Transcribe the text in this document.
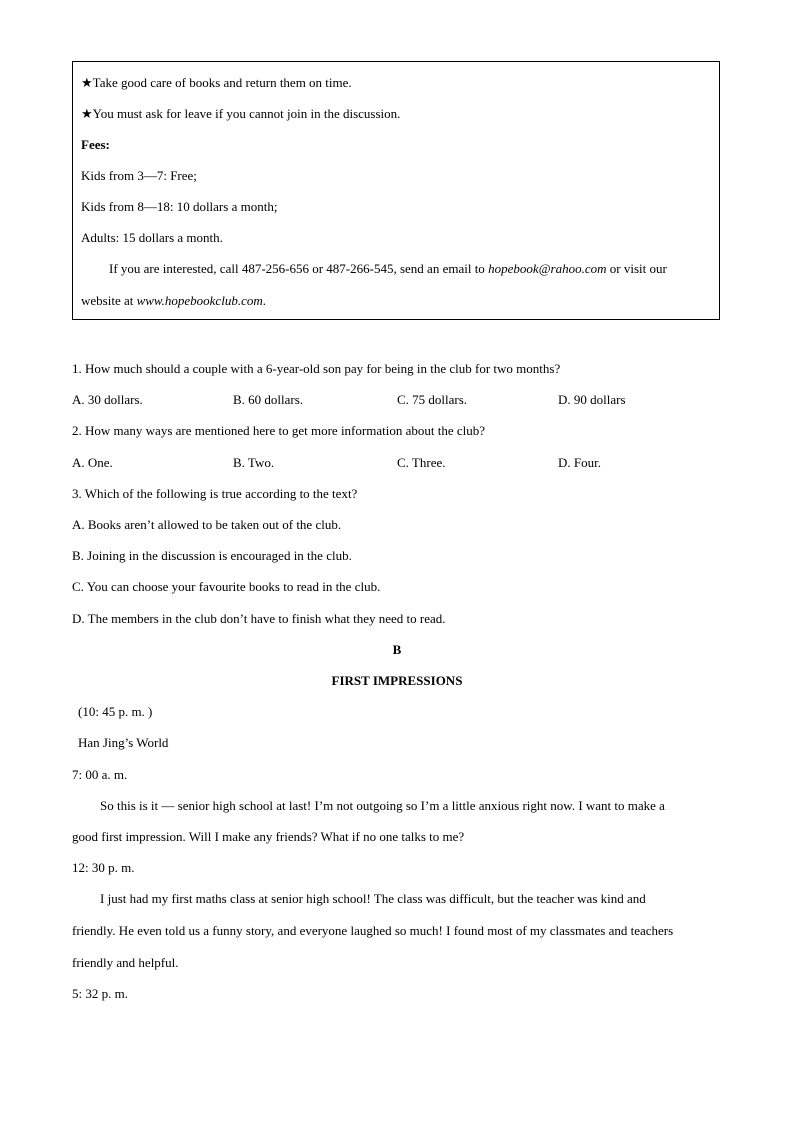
★Take good care of books and return them on time.
★You must ask for leave if you cannot join in the discussion.
Fees:
Kids from 3—7: Free;
Kids from 8—18: 10 dollars a month;
Adults: 15 dollars a month.
If you are interested, call 487-256-656 or 487-266-545, send an email to hopebook@rahoo.com or visit our
website at www.hopebookclub.com.
1. How much should a couple with a 6-year-old son pay for being in the club for two months?
A. 30 dollars.	B. 60 dollars.	C. 75 dollars.	D. 90 dollars
2. How many ways are mentioned here to get more information about the club?
A. One.	B. Two.	C. Three.	D. Four.
3. Which of the following is true according to the text?
A. Books aren’t allowed to be taken out of the club.
B. Joining in the discussion is encouraged in the club.
C. You can choose your favourite books to read in the club.
D. The members in the club don’t have to finish what they need to read.
B
FIRST IMPRESSIONS
(10: 45 p. m. )
Han Jing’s World
7: 00 a. m.
So this is it — senior high school at last! I’m not outgoing so I’m a little anxious right now. I want to make a
good first impression. Will I make any friends? What if no one talks to me?
12: 30 p. m.
I just had my first maths class at senior high school! The class was difficult, but the teacher was kind and
friendly. He even told us a funny story, and everyone laughed so much! I found most of my classmates and teachers
friendly and helpful.
5: 32 p. m.
